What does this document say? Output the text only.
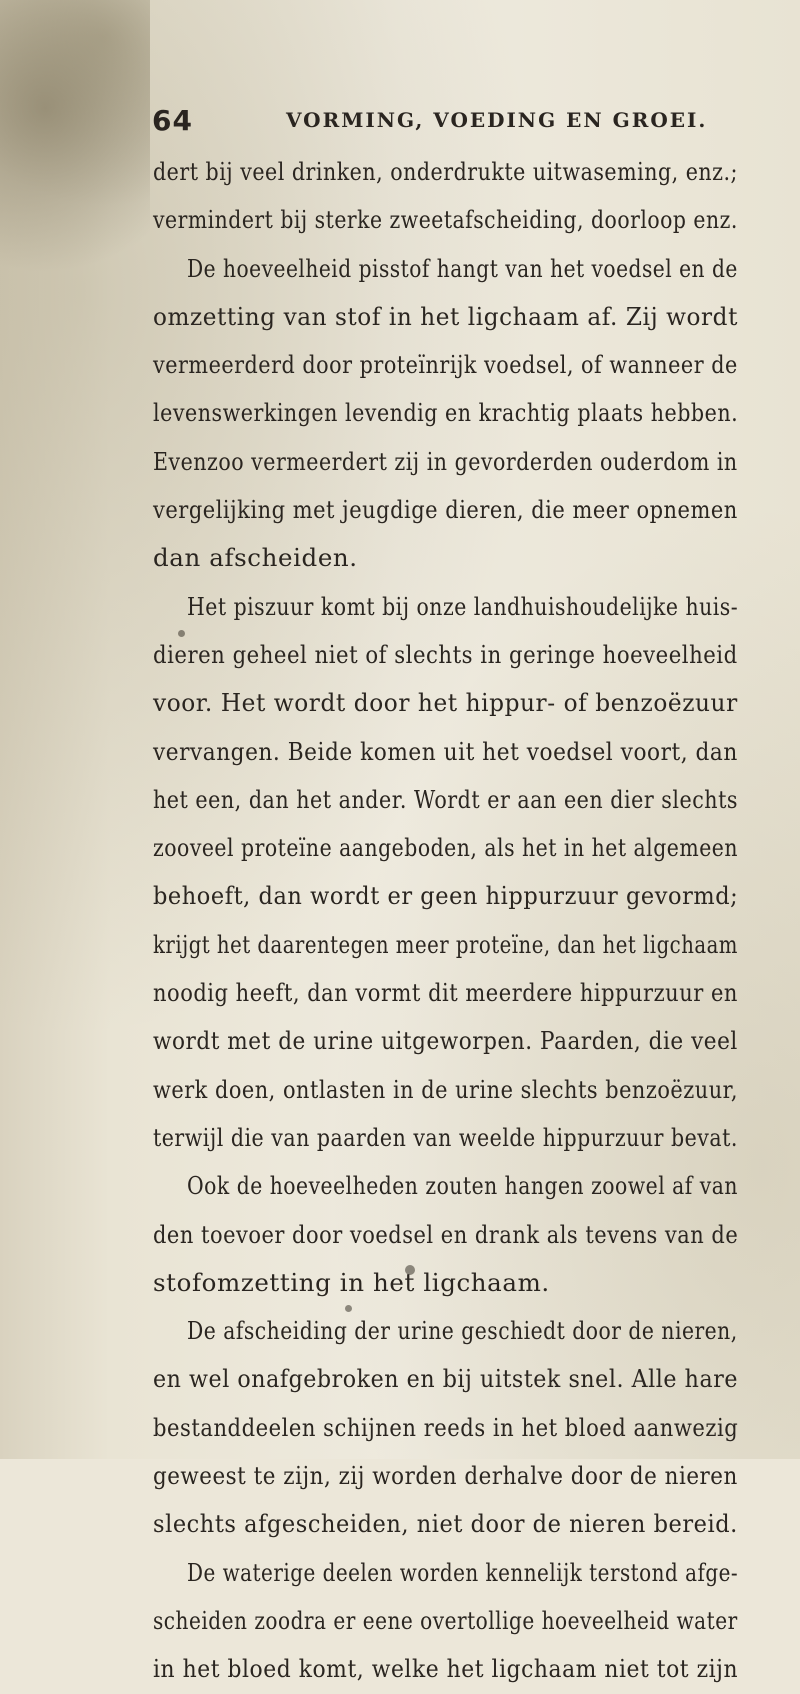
64	VORMING, VOEDING EN GROEI.
dert bij veel drinken, onderdrukte uitwaseming, enz.;
vermindert bij sterke zweetafscheiding, doorloop enz.
De hoeveelheid pisstof hangt van het voedsel en de
omzetting van stof in het ligchaam af. Zij wordt
vermeerderd door proteïnrijk voedsel, of wanneer de
levenswerkingen levendig en krachtig plaats hebben.
Evenzoo vermeerdert zij in gevorderden ouderdom in
vergelijking met jeugdige dieren, die meer opnemen
dan afscheiden.
Het piszuur komt bij onze landhuishoudelijke huis-
dieren geheel niet of slechts in geringe hoeveelheid
voor. Het wordt door het hippur- of benzoëzuur
vervangen. Beide komen uit het voedsel voort, dan
het een, dan het ander. Wordt er aan een dier slechts
zooveel proteïne aangeboden, als het in het algemeen
behoeft, dan wordt er geen hippurzuur gevormd;
krijgt het daarentegen meer proteïne, dan het ligchaam
noodig heeft, dan vormt dit meerdere hippurzuur en
wordt met de urine uitgeworpen. Paarden, die veel
werk doen, ontlasten in de urine slechts benzoëzuur,
terwijl die van paarden van weelde hippurzuur bevat.
Ook de hoeveelheden zouten hangen zoowel af van
den toevoer door voedsel en drank als tevens van de
stofomzetting in het ligchaam.
De afscheiding der urine geschiedt door de nieren,
en wel onafgebroken en bij uitstek snel. Alle hare
bestanddeelen schijnen reeds in het bloed aanwezig
geweest te zijn, zij worden derhalve door de nieren
slechts afgescheiden, niet door de nieren bereid.
De waterige deelen worden kennelijk terstond afge-
scheiden zoodra er eene overtollige hoeveelheid water
in het bloed komt, welke het ligchaam niet tot zijn
